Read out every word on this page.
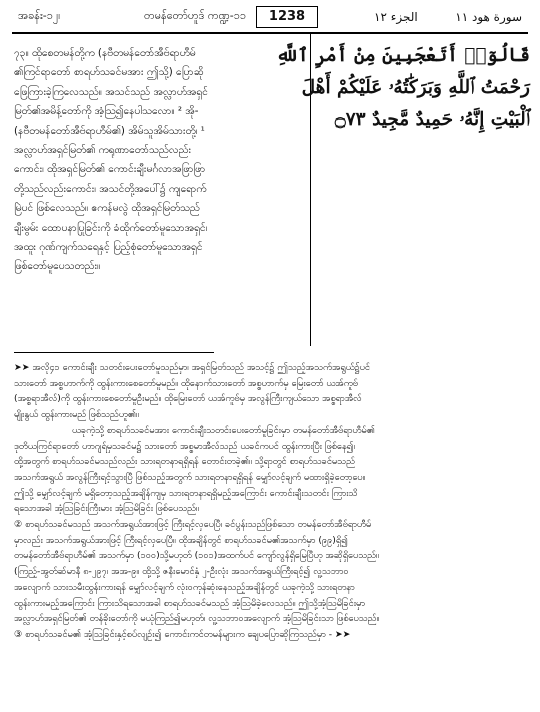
အခန်း-၁၂၊	တမန်တော်ဟူဒ် ကဏ္ဍ-၁၁	1238	الجزء ١٢	سورة هود ١١
၇၃။ ထိုစေတမန်တို့က (နဗီတမန်တော်အီဗ်ရာဟီမ်
၏ကြင်ရာတော် စာရဟ်သခင်မအား ဤသို့) ပြောဆို
ဖြေကြားခဲ့ကြလေသည်။ အသင်သည် အလ္လာဟ်အရှင်
မြတ်၏အမိန့်တော်ကို အံ့သြ၍နေပါသလော။ ² အို-
(နဗီတမန်တော်အီဗ်ရာဟီမ်၏) အိမ်သူအိမ်သားတို့၊ ¹
အလ္လာဟ်အရှင်မြတ်၏ ကရုဏာတော်သည်လည်း
ကောင်း၊ ထိုအရှင်မြတ်၏ ကောင်းချီးမင်္ဂလာအဖြာဖြာ
တို့သည်လည်းကောင်း၊ အသင်တို့အပေါ်၌ ကျရောက်
မြဲပင် ဖြစ်လေသည်။ ဧကန်မလွဲ ထိုအရှင်မြတ်သည်
ချီးမွမ်း ထောပနာပြုခြင်းကို ခံထိုက်တော်မူသောအရှင်၊
အထူး ဂုဏ်ကျက်သရေနှင့် ပြည့်စုံတော်မူသောအရှင်
ဖြစ်တော်မူပေသတည်း။
قَالُوٓا۟ أَتَعْجَبِينَ مِنْ أَمْرِ ٱللَّهِ
رَحْمَتُ ٱللَّهِ وَبَرَكَٰتُهُۥ عَلَيْكُمْ أَهْلَ
ٱلْبَيْتِ إِنَّهُۥ حَمِيدٌ مَّجِيدٌ ۝٧٣
➤➤ အလို၄၁ ကောင်းချီး သတင်းပေးတော်မူသည်မှာ၊ အရှင်မြတ်သည် အသင့်၌ ဤသည့်အသက်အရွယ်၌ပင်
သားတော် အစ္စဟာက်ကို ထွန်းကားစေတော်မူမည်။ ထိုနောက်သားတော် အစ္စဟာက်မှ မြေးတော် ယအ်ကူဗ်
(အစ္စရာအီလ်)ကို ထွန်းကားစေတော်မူဦးမည်။ ထိုမြေးတော် ယအ်ကူဗ်မှ အလွန်ကြီးကျယ်သော အစ္စရာအီလ်
မျိုးနွယ် ထွန်းကားမည် ဖြစ်သည်ဟူ၏။
ယခုကဲ့သို့ စာရဟ်သခင်မအား ကောင်းချီးသတင်းပေးတော်မူခြင်းမှာ တမန်တော်အီဗ်ရာဟီမ်၏
ဒုတိယကြင်ရာတော် ဟာဂျရ်မှသခင်မ၌ သားတော် အစ္စမာအီလ်သည် ယခင်ကပင် ထွန်းကားပြီး ဖြစ်နေ၍၊
ထို့အတွက် စာရဟ်သခင်မသည်လည်း သားရတနာရရှိရန် တောင်းတခဲ့၏။ သို့ရာတွင် စာရဟ်သခင်မသည်
အသက်အရွယ် အလွန်ကြီးရင့်သွားပြီ ဖြစ်သည့်အတွက် သားရတနာရရှိရန် မျှော်လင့်ချက် မထားရှိခဲ့တော့ပေ။
ဤသို့ မျှော်လင့်ချက် မရှိတော့သည့်အချိန်ကျမှ သားရတနာရရှိမည့်အကြောင်း ကောင်းချီးသတင်း ကြားသိ
ရသောအခါ အံ့သြခြင်းကြီးမား အံ့သြမိခြင်း ဖြစ်ပေသည်။
② စာရဟ်သခင်မသည် အသက်အရွယ်အားဖြင့် ကြီးရင့်လှပေပြီ၊ ခင်ပွန်းသည်ဖြစ်သော တမန်တော်အီဗ်ရာဟီမ်
မှာလည်း အသက်အရွယ်အားဖြင့် ကြီးရင့်လှပေပြီ။ ထိုအချိန်တွင် စာရဟ်သခင်မ၏အသက်မှာ (၉၉)ရှိ၍
တမန်တော်အီဗ်ရာဟီမ်၏ အသက်မှာ (၁၀၀)သို့မဟုတ် (၁၀၁)အထက်ပင် ကျော်လွန်ရှိမြေပြီဟု အဆိုရှိပေသည်။
(ကြည့်-အွတ်ဆ်မာနီ ၈-၂၉၇၊ အအ-၉။ ထို့သို့ ဇနီးမောင်နှံ ၂-ဦးလုံး အသက်အရွယ်ကြီးရင့်၍ လူ့သဘာဝ
အလျောက် သားသမီးထွန်းကားရန် မျှော်လင့်ချက် လုံးဝကုန်ဆုံးနေသည့်အချိန်တွင် ယခုကဲ့သို့ သားရတနာ
ထွန်းကားမည့်အကြောင်း ကြားသိရသောအခါ စာရဟ်သခင်မသည် အံ့သြမိခဲ့လေသည်။ ဤသို့အံ့သြမိခြင်းမှာ
အလ္လာဟ်အရှင်မြတ်၏ တန်ခိုးတော်ကို မယုံကြည်၍မဟုတ်၊ လူ့သဘာဝအလျောက် အံ့သြမိခြင်းသာ ဖြစ်ပေသည်။
③ စာရဟ်သခင်မ၏ အံ့သြခြင်းနှင့်စပ်လျဉ်း၍ ကောင်းကင်တမန်များက ချေပပြောဆိုကြသည်မှာ - ➤➤
